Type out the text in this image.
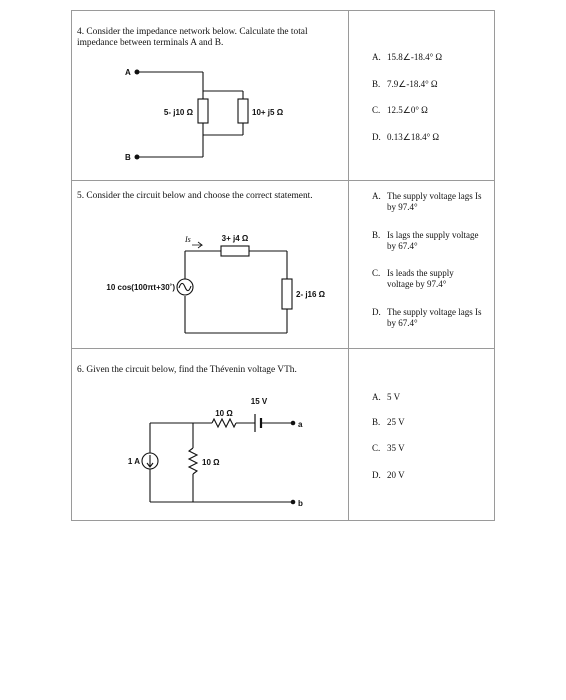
4. Consider the impedance network below. Calculate the total impedance between terminals A and B.
A
B
5- j10 Ω	10+ j5 Ω
A. 15.8∠-18.4° Ω
B. 7.9∠-18.4° Ω
C. 12.5∠0° Ω
D. 0.13∠18.4° Ω
5. Consider the circuit below and choose the correct statement.
Is	3+ j4 Ω
2- j16 Ω
10 cos(100πt+30˚)
A. The supply voltage lags Is by 97.4°
B. Is lags the supply voltage by 67.4°
C. Is leads the supply voltage by 97.4°
D. The supply voltage lags Is by 67.4°
6. Given the circuit below, find the Thévenin voltage VTh.
a
b
15 V
10 Ω
10 Ω
1 A
A. 5 V
B. 25 V
C. 35 V
D. 20 V
